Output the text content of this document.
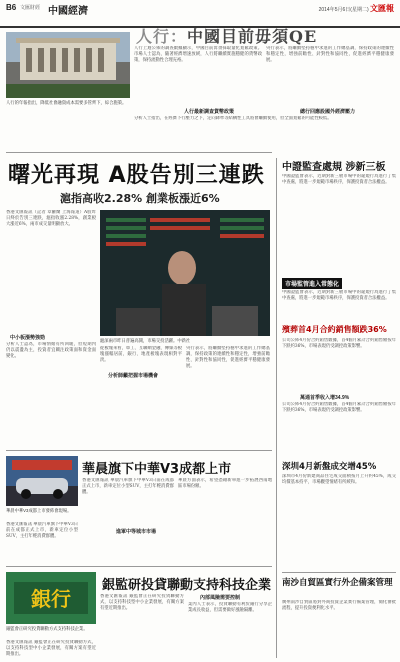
B6 文匯財經 中國經濟	2014年5月6日(星期二) 文匯報
人行的年報指出，降低社會融資成本需要多管齊下，綜合施策。
人行：中國目前毋須QE
人行上週公佈的調查數據顯示，中國目前毋須採取量化寬鬆政策。市場人士認為，隨著經濟增速放緩，人行將繼續實施穩健的貨幣政策，保持流動性合理充裕。
央行表示，將繼續堅持穩中求進的工作總基調，保持政策的連續性和穩定性，增強前瞻性、針對性和協同性，促進經濟平穩健康發展。
人行最新調查貨幣政策	總行回應設國外經濟壓力
分析人士指出，在經濟下行壓力之下，定向降準等結構性工具將會繼續使用，但全面寬鬆的可能性較低。
曙光再現 A股告別三連跌
滬指高收2.28% 創業板漲近6%
香港文匯報訊（記者 章蘿蘭 上海報道）A股昨日終於告別三連跌，滬指收漲2.28%，創業板大漲近6%，兩市成交量明顯放大。
中小板漲勢強勁
分析人士認為，市場情緒有所回暖，但短期內仍以震盪為主，投資者宜關注政策面和資金面變化。
滬深兩市昨日普遍高開，市場交投活躍。中新社
從板塊來看，軍工、互聯網金融、傳媒等板塊漲幅居前，銀行、地產板塊表現相對平淡。
分析師籲把握市場機會
央行表示，將繼續堅持穩中求進的工作總基調，保持政策的連續性和穩定性，增強前瞻性、針對性和協同性，促進經濟平穩健康發展。
華晨中華V3成都上市發佈會現場。
香港文匯報訊 華晨汽車旗下中華V3日前在成都正式上市，新車定位小型SUV，主打年輕消費群體。
華晨旗下中華V3成都上市
香港文匯報訊 華晨汽車旗下中華V3日前在成都正式上市，新車定位小型SUV，主打年輕消費群體。
進軍中等城市市場
華晨方面表示，希望憑藉新車進一步拓展西南地區市場份額。
銀行
銀監會正研究投貸聯動方式支持科技企業。
香港文匯報訊 銀監會正在研究投貸聯動方式，以支持科技型中小企業發展，有關方案有望近期推出。
銀監研投貸聯動支持科技企業
香港文匯報訊 銀監會正在研究投貸聯動方式，以支持科技型中小企業發展，有關方案有望近期推出。
內部風險需要控制
業內人士表示，投貸聯動有利於銀行分享企業成長收益，但需要做好風險隔離。
中證監查處規 涉新三板
中國證監會表示，近期對新三板市場中的違規行為進行了集中查處，將進一步規範市場秩序，保護投資者合法權益。
市場監管進入常態化
中國證監會表示，近期對新三板市場中的違規行為進行了集中查處，將進一步規範市場秩序，保護投資者合法權益。
殯葬首4月合約銷售額跌36%
公司公佈4月份合約銷售數據，首4個月累計合約銷售額按年下跌約36%，市場表現仍受調控政策影響。
萬通首季收入增34.9%
公司公佈4月份合約銷售數據，首4個月累計合約銷售額按年下跌約36%，市場表現仍受調控政策影響。
深圳4月新盤成交增45%
深圳市4月份新建商品住宅成交面積按月上升約45%，成交均價基本持平，市場觀望情緒有所緩和。
南沙自貿區實行外企備案管理
廣州南沙自貿區將對外商投資企業實行備案管理，簡化審批流程，提升投資便利化水平。
